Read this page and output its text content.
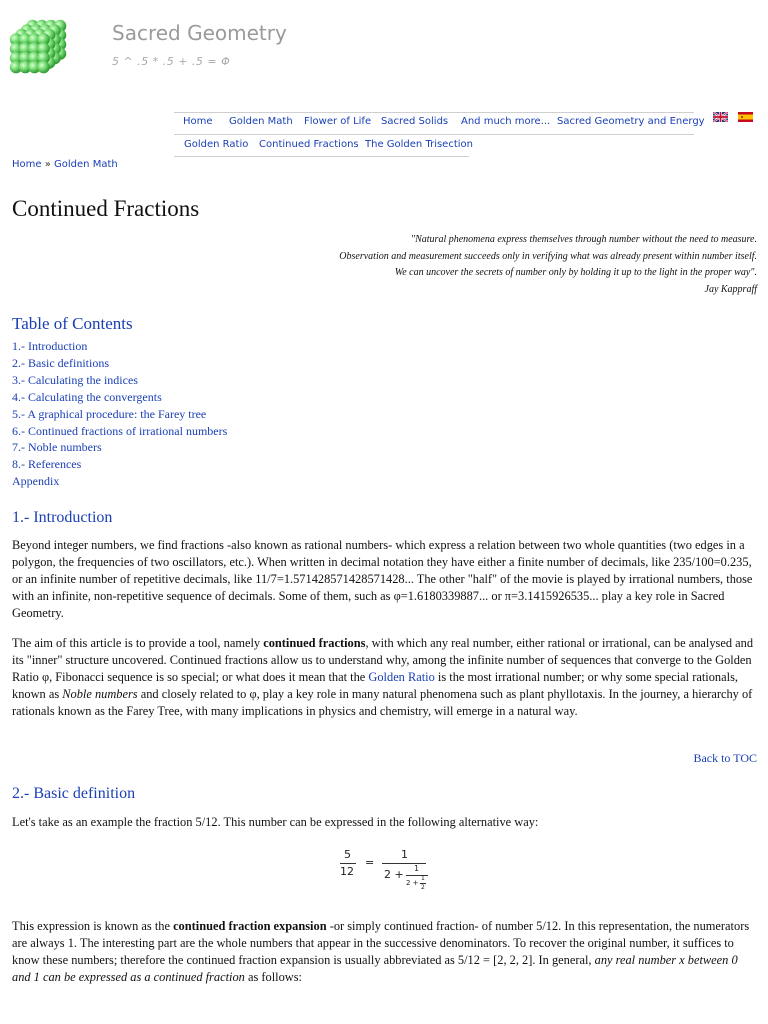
Sacred Geometry
5 ^ .5 * .5 + .5 = Φ
Home Golden Math Flower of Life Sacred Solids And much more... Sacred Geometry and Energy
Golden Ratio Continued Fractions The Golden Trisection
Home » Golden Math
Continued Fractions
"Natural phenomena express themselves through number without the need to measure.
Observation and measurement succeeds only in verifying what was already present within number itself.
We can uncover the secrets of number only by holding it up to the light in the proper way".
Jay Kappraff
Table of Contents
1.- Introduction
2.- Basic definitions
3.- Calculating the indices
4.- Calculating the convergents
5.- A graphical procedure: the Farey tree
6.- Continued fractions of irrational numbers
7.- Noble numbers
8.- References
Appendix
1.- Introduction

Beyond integer numbers, we find fractions -also known as rational numbers- which express a relation between two whole quantities (two edges in a polygon, the frequencies of two oscillators, etc.). When written in decimal notation they have either a finite number of decimals, like 235/100=0.235, or an infinite number of repetitive decimals, like 11/7=1.571428571428571428... The other "half" of the movie is played by irrational numbers, those with an infinite, non-repetitive sequence of decimals. Some of them, such as φ=1.6180339887... or π=3.1415926535... play a key role in Sacred Geometry.

The aim of this article is to provide a tool, namely continued fractions, with which any real number, either rational or irrational, can be analysed and its "inner" structure uncovered. Continued fractions allow us to understand why, among the infinite number of sequences that converge to the Golden Ratio φ, Fibonacci sequence is so special; or what does it mean that the Golden Ratio is the most irrational number; or why some special rationals, known as Noble numbers and closely related to φ, play a key role in many natural phenomena such as plant phyllotaxis. In the journey, a hierarchy of rationals known as the Farey Tree, with many implications in physics and chemistry, will emerge in a natural way.

Back to TOC
2.- Basic definition

Let's take as an example the fraction 5/12. This number can be expressed in the following alternative way:

5
12
=
1
2 + 1
2 +
1
2

This expression is known as the continued fraction expansion -or simply continued fraction- of number 5/12. In this representation, the numerators are always 1. The interesting part are the whole numbers that appear in the successive denominators. To recover the original number, it suffices to know these numbers; therefore the continued fraction expansion is usually abbreviated as 5/12 = [2, 2, 2]. In general, any real number x between 0 and 1 can be expressed as a continued fraction as follows:
